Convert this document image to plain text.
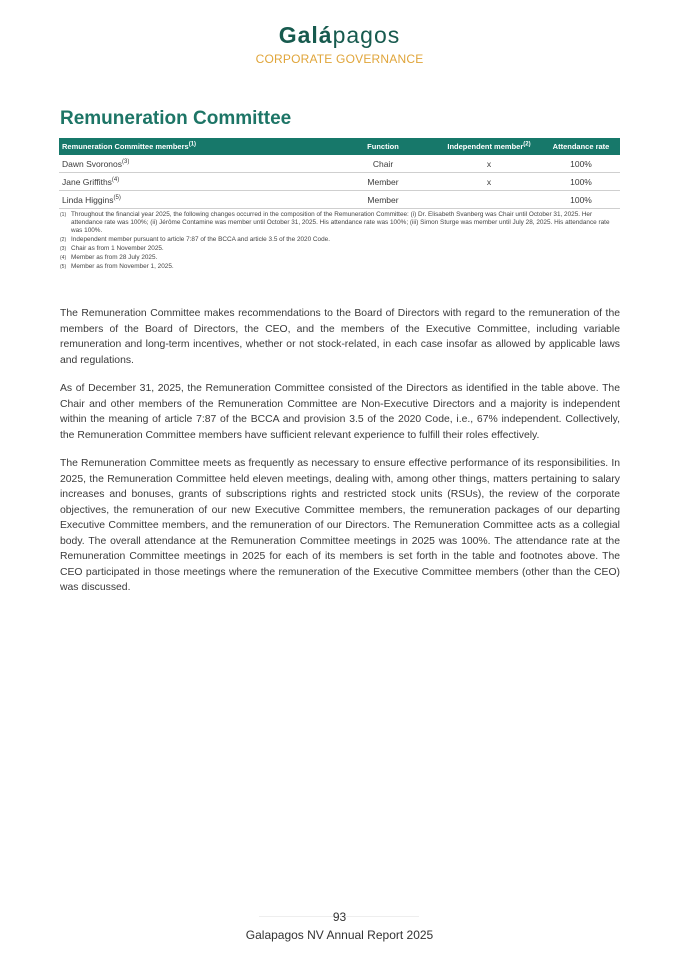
Galápagos
CORPORATE GOVERNANCE
Remuneration Committee
Remuneration Committee members$^{(1)}$	Function	Independent member$^{(2)}$	Attendance rate
Dawn Svoronos$^{(3)}$	Chair	x	100%
Jane Griffiths$^{(4)}$	Member	x	100%
Linda Higgins$^{(5)}$	Member		100%
(1) Throughout the financial year 2025, the following changes occurred in the composition of the Remuneration Committee: (i) Dr. Elisabeth Svanberg was Chair until October 31, 2025. Her attendance rate was 100%; (ii) Jérôme Contamine was member until October 31, 2025. His attendance rate was 100%; (iii) Simon Sturge was member until July 28, 2025. His attendance rate was 100%.
(2) Independent member pursuant to article 7:87 of the BCCA and article 3.5 of the 2020 Code.
(3) Chair as from 1 November 2025.
(4) Member as from 28 July 2025.
(5) Member as from November 1, 2025.

The Remuneration Committee makes recommendations to the Board of Directors with regard to the remuneration of the members of the Board of Directors, the CEO, and the members of the Executive Committee, including variable remuneration and long-term incentives, whether or not stock-related, in each case insofar as allowed by applicable laws and regulations.

As of December 31, 2025, the Remuneration Committee consisted of the Directors as identified in the table above. The Chair and other members of the Remuneration Committee are Non-Executive Directors and a majority is independent within the meaning of article 7:87 of the BCCA and provision 3.5 of the 2020 Code, i.e., 67% independent. Collectively, the Remuneration Committee members have sufficient relevant experience to fulfill their roles effectively.

The Remuneration Committee meets as frequently as necessary to ensure effective performance of its responsibilities. In 2025, the Remuneration Committee held eleven meetings, dealing with, among other things, matters pertaining to salary increases and bonuses, grants of subscriptions rights and restricted stock units (RSUs), the review of the corporate objectives, the remuneration of our new Executive Committee members, the remuneration packages of our departing Executive Committee members, and the remuneration of our Directors. The Remuneration Committee acts as a collegial body. The overall attendance at the Remuneration Committee meetings in 2025 was 100%. The attendance rate at the Remuneration Committee meetings in 2025 for each of its members is set forth in the table and footnotes above. The CEO participated in those meetings where the remuneration of the Executive Committee members (other than the CEO) was discussed.

93
Galapagos NV Annual Report 2025
